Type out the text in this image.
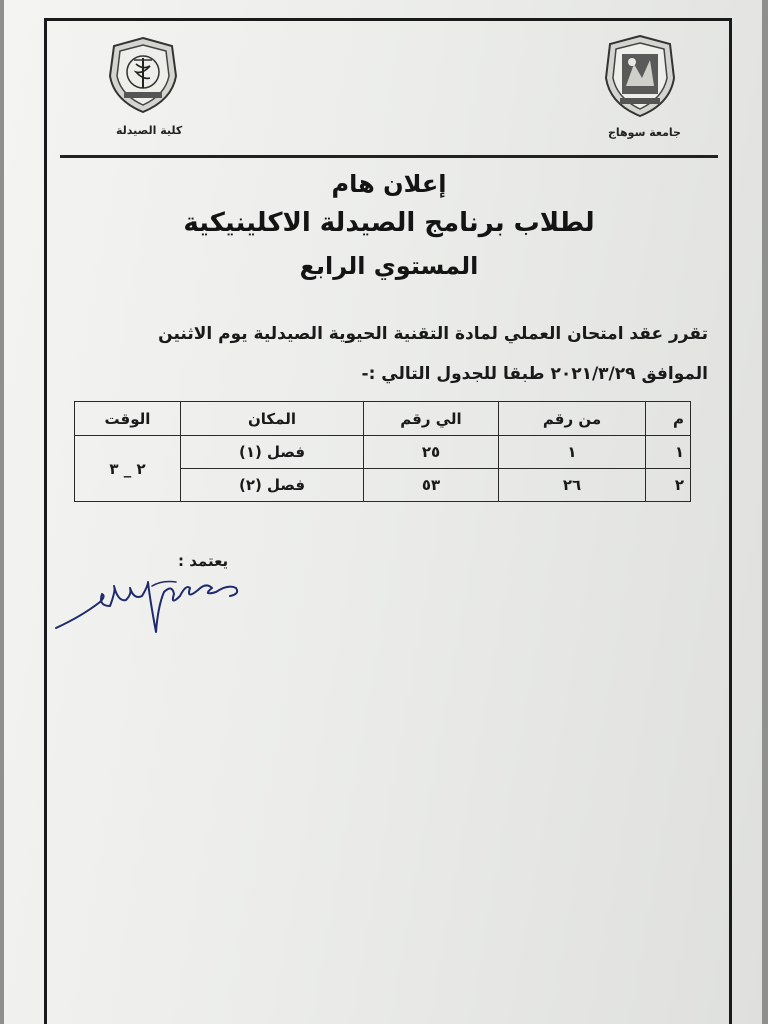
كلية الصيدلة	جامعة سوهاج
إعلان هام
لطلاب برنامج الصيدلة الاكلينيكية
المستوي الرابع
تقرر عقد امتحان العملي لمادة التقنية الحيوية الصيدلية يوم الاثنين
الموافق ٢٠٢١/٣/٢٩ طبقا للجدول التالي :-
م	من رقم	الي رقم	المكان	الوقت
١	١	٢٥	فصل (١)	٢ _ ٣
٢	٢٦	٥٣	فصل (٢)	
يعتمد :
